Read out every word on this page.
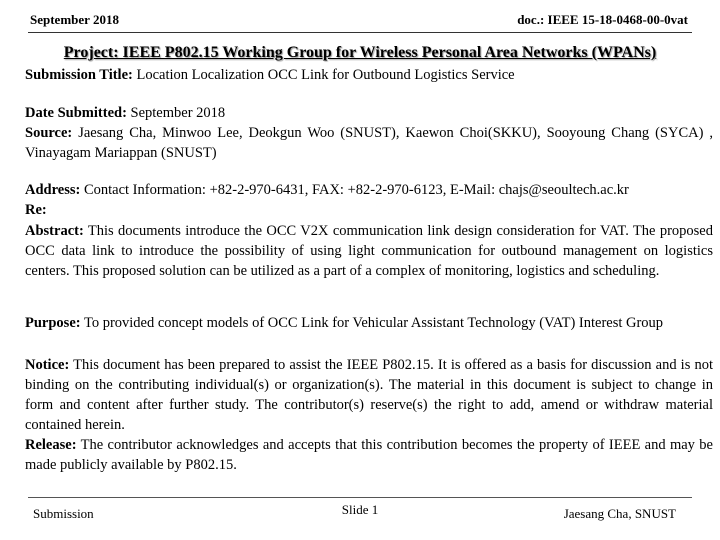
September 2018	doc.: IEEE 15-18-0468-00-0vat
Project: IEEE P802.15 Working Group for Wireless Personal Area Networks (WPANs)

Submission Title: Location Localization OCC Link for Outbound Logistics Service

Date Submitted: September 2018

Source: Jaesang Cha, Minwoo Lee, Deokgun Woo (SNUST), Kaewon Choi(SKKU), Sooyoung Chang (SYCA) , Vinayagam Mariappan (SNUST)

Address: Contact Information: +82-2-970-6431, FAX: +82-2-970-6123, E-Mail: chajs@seoultech.ac.kr

Re:

Abstract: This documents introduce the OCC V2X communication link design consideration for VAT. The proposed OCC data link to introduce the possibility of using light communication for outbound management on logistics centers. This proposed solution can be utilized as a part of a complex of monitoring, logistics and scheduling.

Purpose: To provided concept models of OCC Link for Vehicular Assistant Technology (VAT) Interest Group

Notice: This document has been prepared to assist the IEEE P802.15. It is offered as a basis for discussion and is not binding on the contributing individual(s) or organization(s). The material in this document is subject to change in form and content after further study. The contributor(s) reserve(s) the right to add, amend or withdraw material contained herein.

Release: The contributor acknowledges and accepts that this contribution becomes the property of IEEE and may be made publicly available by P802.15.

Submission	Slide 1	Jaesang Cha, SNUST
